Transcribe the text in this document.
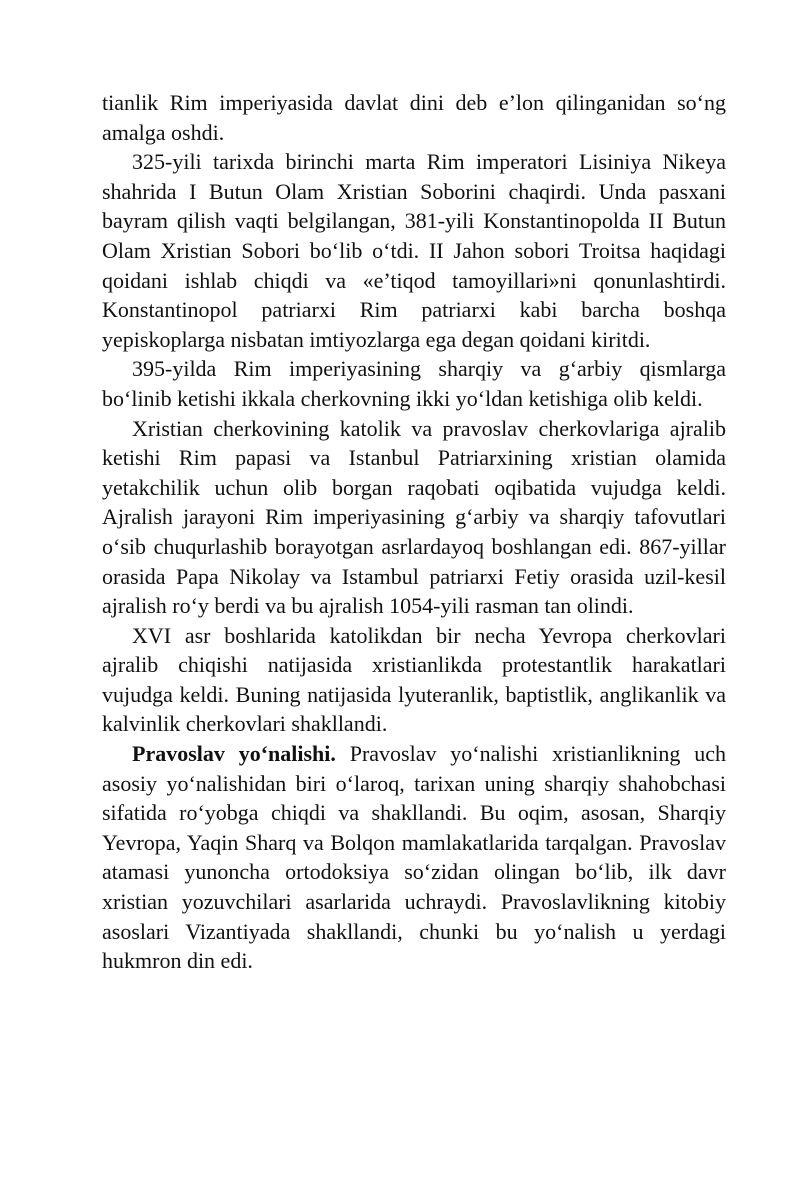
tianlik Rim imperiyasida davlat dini deb e’lon qilinganidan so‘ng amalga oshdi.

325-yili tarixda birinchi marta Rim imperatori Lisiniya Nikeya shahrida I Butun Olam Xristian Soborini chaqirdi. Unda pasxani bayram qilish vaqti belgilangan, 381-yili Konstantinopolda II Butun Olam Xristian Sobori bo‘lib o‘tdi. II Jahon sobori Troitsa haqidagi qoidani ishlab chiqdi va «e’tiqod tamoyillari»ni qonunlashtirdi. Konstantinopol patriarxi Rim patriarxi kabi barcha boshqa yepiskoplarga nisbatan imtiyozlarga ega degan qoidani kiritdi.

395-yilda Rim imperiyasining sharqiy va g‘arbiy qismlarga bo‘linib ketishi ikkala cherkovning ikki yo‘ldan ketishiga olib keldi.

Xristian cherkovining katolik va pravoslav cherkovlariga ajralib ketishi Rim papasi va Istanbul Patriarxining xristian olamida yetakchilik uchun olib borgan raqobati oqibatida vujudga keldi. Ajralish jarayoni Rim imperiyasining g‘arbiy va sharqiy tafovutlari o‘sib chuqurlashib borayotgan asrlardayoq boshlangan edi. 867-yillar orasida Papa Nikolay va Istambul patriarxi Fetiy orasida uzil-kesil ajralish ro‘y berdi va bu ajralish 1054-yili rasman tan olindi.

XVI asr boshlarida katolikdan bir necha Yevropa cherkovlari ajralib chiqishi natijasida xristianlikda protestantlik harakatlari vujudga keldi. Buning natijasida lyuteranlik, baptistlik, anglikanlik va kalvinlik cherkovlari shakllandi.

Pravoslav yo‘nalishi. Pravoslav yo‘nalishi xristianlikning uch asosiy yo‘nalishidan biri o‘laroq, tarixan uning sharqiy shahobchasi sifatida ro‘yobga chiqdi va shakllandi. Bu oqim, asosan, Sharqiy Yevropa, Yaqin Sharq va Bolqon mamlakatlarida tarqalgan. Pravoslav atamasi yunoncha ortodoksiya so‘zidan olingan bo‘lib, ilk davr xristian yozuvchilari asarlarida uchraydi. Pravoslavlikning kitobiy asoslari Vizantiyada shakllandi, chunki bu yo‘nalish u yerdagi hukmron din edi.
